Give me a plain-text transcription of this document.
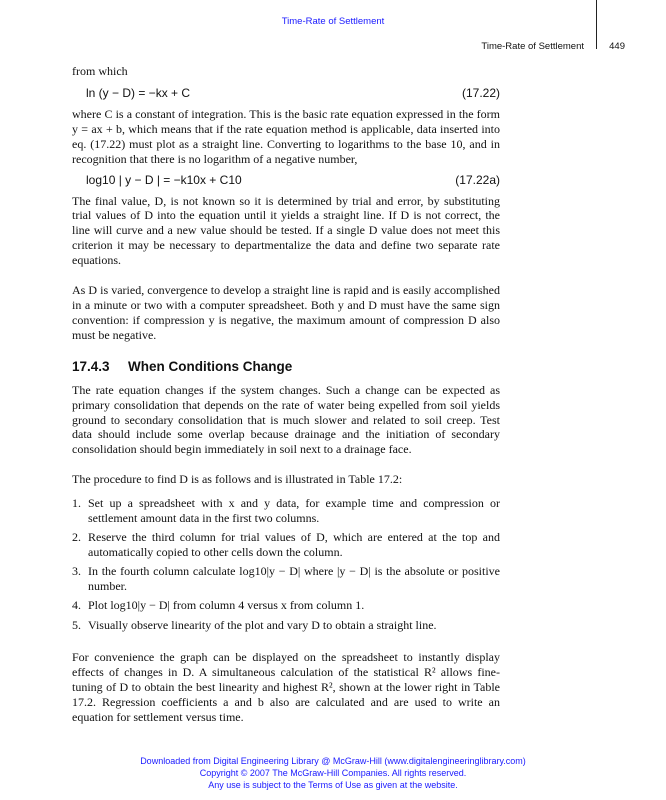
Time-Rate of Settlement
Time-Rate of Settlement	449

from which

ln (y − D) = −kx + C	(17.22)

where C is a constant of integration. This is the basic rate equation expressed in the form y = ax + b, which means that if the rate equation method is applicable, data inserted into eq. (17.22) must plot as a straight line. Converting to logarithms to the base 10, and in recognition that there is no logarithm of a negative number,

log10 | y − D | = −k10x + C10	(17.22a)

The final value, D, is not known so it is determined by trial and error, by substituting trial values of D into the equation until it yields a straight line. If D is not correct, the line will curve and a new value should be tested. If a single D value does not meet this criterion it may be necessary to departmentalize the data and define two separate rate equations.

As D is varied, convergence to develop a straight line is rapid and is easily accomplished in a minute or two with a computer spreadsheet. Both y and D must have the same sign convention: if compression y is negative, the maximum amount of compression D also must be negative.

17.4.3 When Conditions Change

The rate equation changes if the system changes. Such a change can be expected as primary consolidation that depends on the rate of water being expelled from soil yields ground to secondary consolidation that is much slower and related to soil creep. Test data should include some overlap because drainage and the initiation of secondary consolidation should begin immediately in soil next to a drainage face.

The procedure to find D is as follows and is illustrated in Table 17.2:

1. Set up a spreadsheet with x and y data, for example time and compression or settlement amount data in the first two columns.
2. Reserve the third column for trial values of D, which are entered at the top and automatically copied to other cells down the column.
3. In the fourth column calculate log10|y − D| where |y − D| is the absolute or positive number.
4. Plot log10|y − D| from column 4 versus x from column 1.
5. Visually observe linearity of the plot and vary D to obtain a straight line.

For convenience the graph can be displayed on the spreadsheet to instantly display effects of changes in D. A simultaneous calculation of the statistical R² allows fine-tuning of D to obtain the best linearity and highest R², shown at the lower right in Table 17.2. Regression coefficients a and b also are calculated and are used to write an equation for settlement versus time.

Downloaded from Digital Engineering Library @ McGraw-Hill (www.digitalengineeringlibrary.com)
Copyright © 2007 The McGraw-Hill Companies. All rights reserved.
Any use is subject to the Terms of Use as given at the website.
